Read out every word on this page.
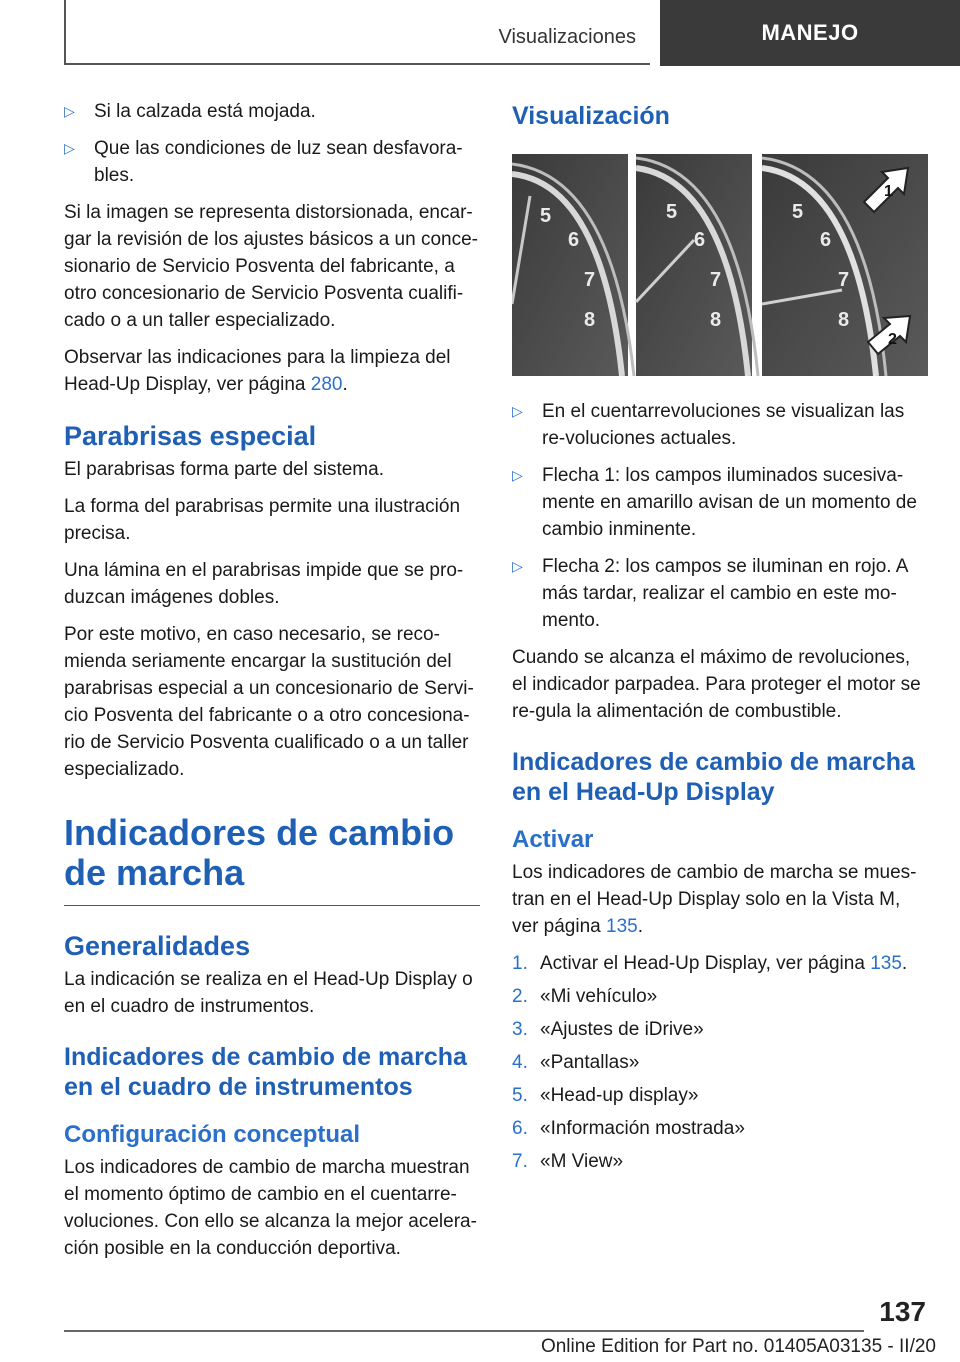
Visualizaciones	MANEJO
▷	Si la calzada está mojada.
▷	Que las condiciones de luz sean desfavora‐bles.

Si la imagen se representa distorsionada, encar‐gar la revisión de los ajustes básicos a un conce‐sionario de Servicio Posventa del fabricante, a otro concesionario de Servicio Posventa cualifi‐cado o a un taller especializado.

Observar las indicaciones para la limpieza del Head-Up Display, ver página 280.

Parabrisas especial

El parabrisas forma parte del sistema.

La forma del parabrisas permite una ilustración precisa.

Una lámina en el parabrisas impide que se pro‐duzcan imágenes dobles.

Por este motivo, en caso necesario, se reco‐mienda seriamente encargar la sustitución del parabrisas especial a un concesionario de Servi‐cio Posventa del fabricante o a otro concesiona‐rio de Servicio Posventa cualificado o a un taller especializado.

Indicadores de cambio de marcha
Generalidades

La indicación se realiza en el Head-Up Display o en el cuadro de instrumentos.

Indicadores de cambio de marcha en el cuadro de instrumentos
Configuración conceptual

Los indicadores de cambio de marcha muestran el momento óptimo de cambio en el cuentarre‐voluciones. Con ello se alcanza la mejor acelera‐ción posible en la conducción deportiva.

Visualización
5
6
7
8
5
6
7
8
5
6
7
8
1
2
▷	En el cuentarrevoluciones se visualizan las re‐voluciones actuales.
▷	Flecha 1: los campos iluminados sucesiva‐mente en amarillo avisan de un momento de cambio inminente.
▷	Flecha 2: los campos se iluminan en rojo. A más tardar, realizar el cambio en este mo‐mento.

Cuando se alcanza el máximo de revoluciones, el indicador parpadea. Para proteger el motor se re‐gula la alimentación de combustible.

Indicadores de cambio de marcha en el Head-Up Display
Activar

Los indicadores de cambio de marcha se mues‐tran en el Head-Up Display solo en la Vista M, ver página 135.

1. Activar el Head-Up Display, ver página 135.
2. «Mi vehículo»
3. «Ajustes de iDrive»
4. «Pantallas»
5. «Head-up display»
6. «Información mostrada»
7. «M View»
137
Online Edition for Part no. 01405A03135 - II/20
